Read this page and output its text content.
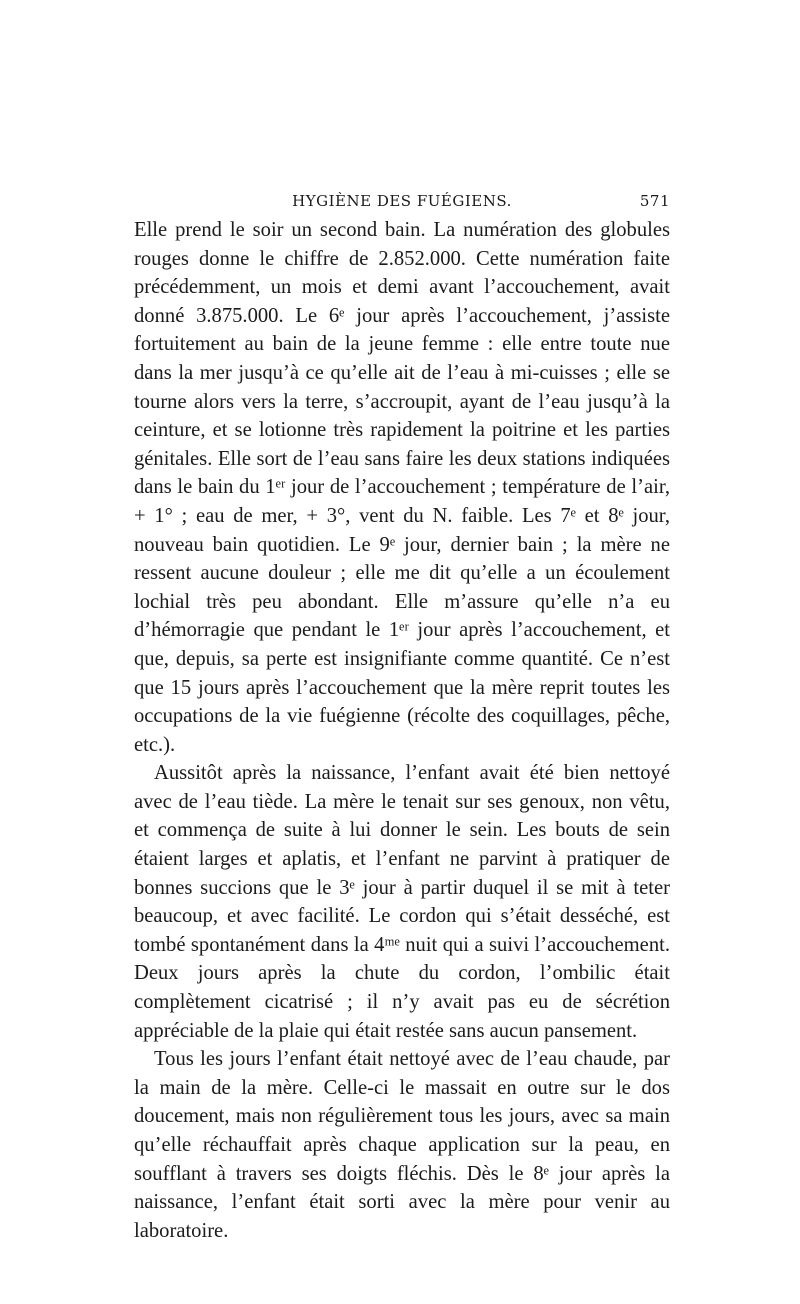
HYGIÈNE DES FUÉGIENS.	571

Elle prend le soir un second bain. La numération des globules rouges donne le chiffre de 2.852.000. Cette numération faite précédemment, un mois et demi avant l’accouchement, avait donné 3.875.000. Le 6ᵉ jour après l’accouchement, j’assiste fortuitement au bain de la jeune femme : elle entre toute nue dans la mer jusqu’à ce qu’elle ait de l’eau à mi-cuisses ; elle se tourne alors vers la terre, s’accroupit, ayant de l’eau jusqu’à la ceinture, et se lotionne très rapidement la poitrine et les parties génitales. Elle sort de l’eau sans faire les deux stations indiquées dans le bain du 1ᵉʳ jour de l’accouchement ; température de l’air, + 1° ; eau de mer, + 3°, vent du N. faible. Les 7ᵉ et 8ᵉ jour, nouveau bain quotidien. Le 9ᵉ jour, dernier bain ; la mère ne ressent aucune douleur ; elle me dit qu’elle a un écoulement lochial très peu abondant. Elle m’assure qu’elle n’a eu d’hémorragie que pendant le 1ᵉʳ jour après l’accouchement, et que, depuis, sa perte est insignifiante comme quantité. Ce n’est que 15 jours après l’accouchement que la mère reprit toutes les occupations de la vie fuégienne (récolte des coquillages, pêche, etc.).

Aussitôt après la naissance, l’enfant avait été bien nettoyé avec de l’eau tiède. La mère le tenait sur ses genoux, non vêtu, et commença de suite à lui donner le sein. Les bouts de sein étaient larges et aplatis, et l’enfant ne parvint à pratiquer de bonnes succions que le 3ᵉ jour à partir duquel il se mit à teter beaucoup, et avec facilité. Le cordon qui s’était desséché, est tombé spontanément dans la 4ᵐᵉ nuit qui a suivi l’accouchement. Deux jours après la chute du cordon, l’ombilic était complètement cicatrisé ; il n’y avait pas eu de sécrétion appréciable de la plaie qui était restée sans aucun pansement.

Tous les jours l’enfant était nettoyé avec de l’eau chaude, par la main de la mère. Celle-ci le massait en outre sur le dos doucement, mais non régulièrement tous les jours, avec sa main qu’elle réchauffait après chaque application sur la peau, en soufflant à travers ses doigts fléchis. Dès le 8ᵉ jour après la naissance, l’enfant était sorti avec la mère pour venir au laboratoire.
